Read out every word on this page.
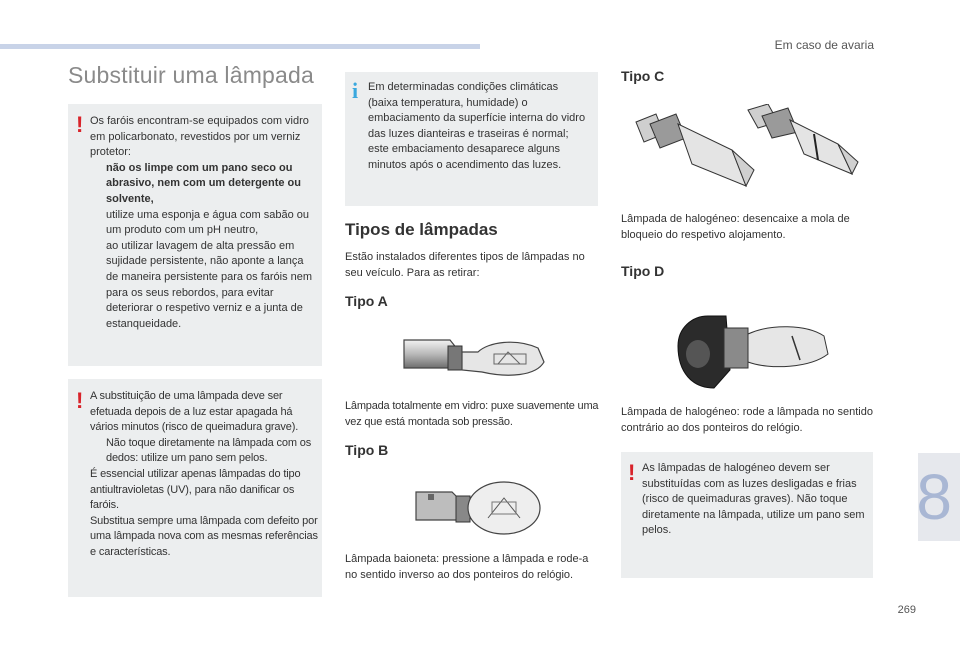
Em caso de avaria
8
269
Substituir uma lâmpada
! Os faróis encontram-se equipados com vidro em policarbonato, revestidos por um verniz protetor:

não os limpe com um pano seco ou abrasivo, nem com um detergente ou solvente,
utilize uma esponja e água com sabão ou um produto com um pH neutro,
ao utilizar lavagem de alta pressão em sujidade persistente, não aponte a lança de maneira persistente para os faróis nem para os seus rebordos, para evitar deteriorar o respetivo verniz e a junta de estanqueidade.
! A substituição de uma lâmpada deve ser efetuada depois de a luz estar apagada há vários minutos (risco de queimadura grave).

Não toque diretamente na lâmpada com os dedos: utilize um pano sem pelos.

É essencial utilizar apenas lâmpadas do tipo antiultravioletas (UV), para não danificar os faróis.

Substitua sempre uma lâmpada com defeito por uma lâmpada nova com as mesmas referências e características.

i Em determinadas condições climáticas (baixa temperatura, humidade) o embaciamento da superfície interna do vidro das luzes dianteiras e traseiras é normal; este embaciamento desaparece alguns minutos após o acendimento das luzes.
Tipos de lâmpadas
Estão instalados diferentes tipos de lâmpadas no seu veículo. Para as retirar:
Tipo A
Lâmpada totalmente em vidro: puxe suavemente uma vez que está montada sob pressão.
Tipo B
Lâmpada baioneta: pressione a lâmpada e rode-a no sentido inverso ao dos ponteiros do relógio.
Tipo C
Lâmpada de halogéneo: desencaixe a mola de bloqueio do respetivo alojamento.
Tipo D
Lâmpada de halogéneo: rode a lâmpada no sentido contrário ao dos ponteiros do relógio.
! As lâmpadas de halogéneo devem ser substituídas com as luzes desligadas e frias (risco de queimaduras graves). Não toque diretamente na lâmpada, utilize um pano sem pelos.
